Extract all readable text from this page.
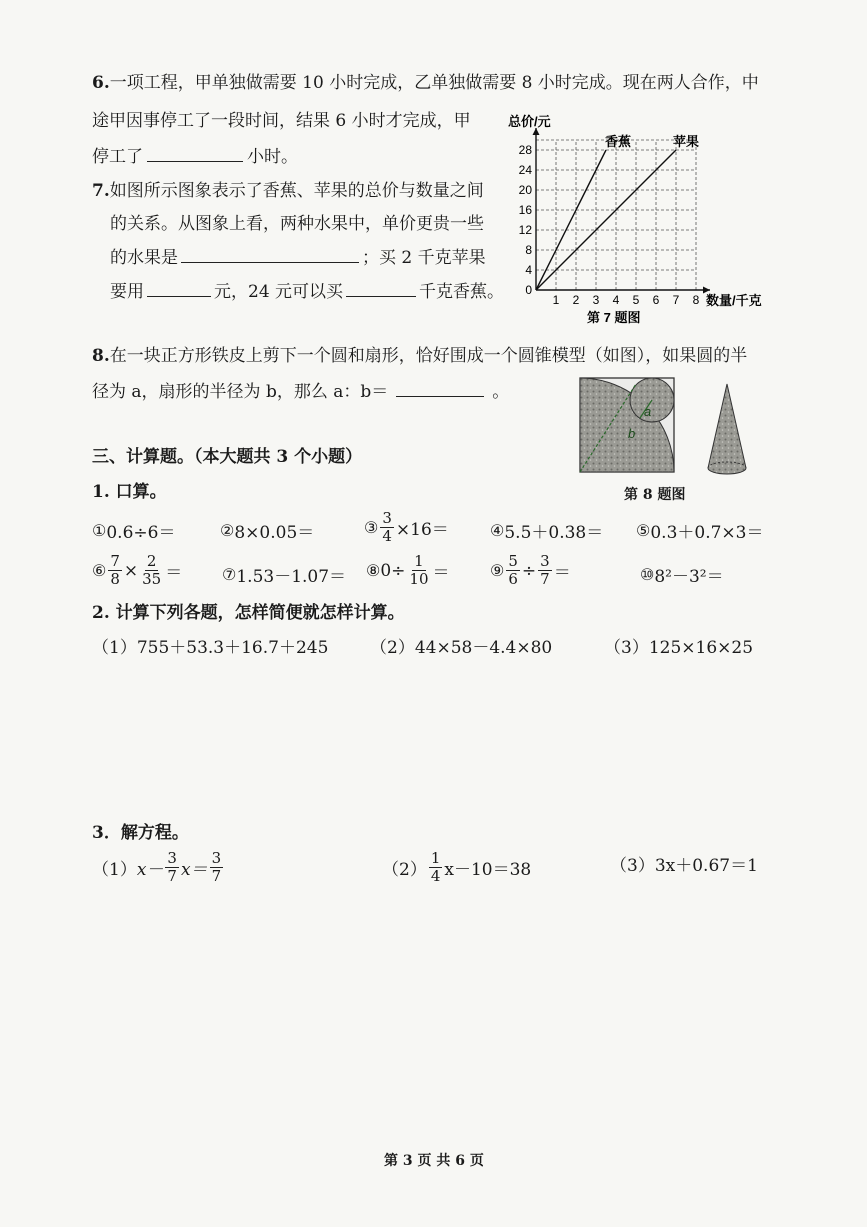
6.一项工程，甲单独做需要 10 小时完成，乙单独做需要 8 小时完成。现在两人合作，中
途甲因事停工了一段时间，结果 6 小时才完成，甲
停工了	小时。
7.如图所示图象表示了香蕉、苹果的总价与数量之间
的关系。从图象上看，两种水果中，单价更贵一些
的水果是	；买 2 千克苹果
要用	元，24 元可以买	千克香蕉。	1 2 3 4 5 6 7 8
4
8
12
16
20
24
28
0
香蕉	苹果
总价/元
数量/千克
第 7 题图
8.在一块正方形铁皮上剪下一个圆和扇形，恰好围成一个圆锥模型（如图），如果圆的半
径为 a，扇形的半径为 b，那么 a：b＝	。
a
b
第 8 题图
三、计算题。（本大题共 3 个小题）
1. 口算。
① 0.6÷6＝	② 8×0.05＝	③ $\frac{3}{4} \times 16=$	④ 5.5＋0.38＝ ⑤ 0.3＋0.7×3＝
⑥ $\frac{7}{8} \times \frac{2}{35}$ ＝ ⑦ 1.53－1.07＝ ⑧ $0\div \frac{1}{10}$ ＝	⑨ $\frac{5}{6} \div \frac{3}{7}$ ＝	⑩ 8²－3²＝
2. 计算下列各题，怎样简便就怎样计算。
（1）755＋53.3＋16.7＋245 （2）44×58－4.4×80	（3）125×16×25
3．解方程。
（1） $x- \frac{3}{7} x= \frac{3}{7}$	$(2) \frac{1}{4} x-10=38$	（3）3x＋0.67＝1
第 3 页 共 6 页
